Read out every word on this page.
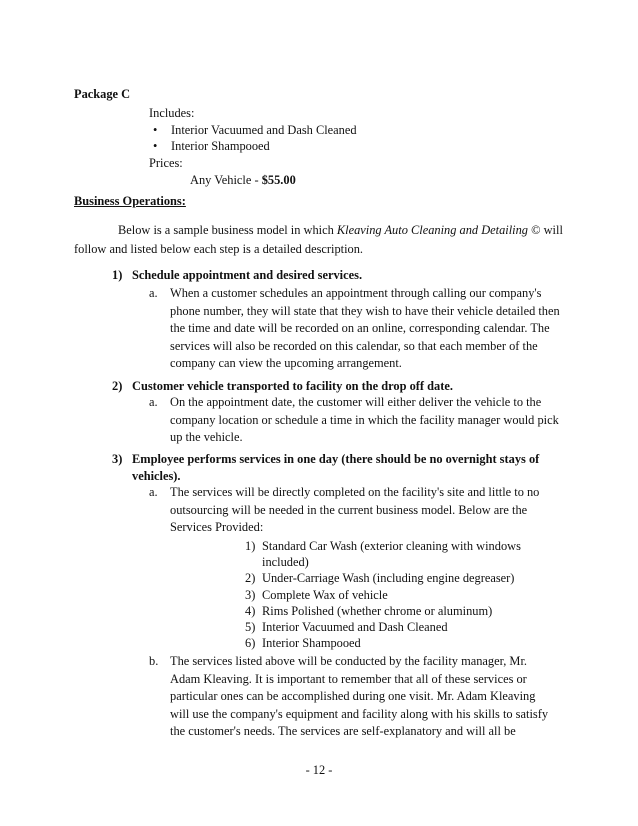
Package C
Includes:
• Interior Vacuumed and Dash Cleaned
• Interior Shampooed
Prices:
Any Vehicle - $55.00
Business Operations:
Below is a sample business model in which Kleaving Auto Cleaning and Detailing © will
follow and listed below each step is a detailed description.
1) Schedule appointment and desired services.
a. When a customer schedules an appointment through calling our company's
phone number, they will state that they wish to have their vehicle detailed then
the time and date will be recorded on an online, corresponding calendar. The
services will also be recorded on this calendar, so that each member of the
company can view the upcoming arrangement.
2) Customer vehicle transported to facility on the drop off date.
a. On the appointment date, the customer will either deliver the vehicle to the
company location or schedule a time in which the facility manager would pick
up the vehicle.
3) Employee performs services in one day (there should be no overnight stays of
vehicles).
a. The services will be directly completed on the facility's site and little to no
outsourcing will be needed in the current business model. Below are the
Services Provided:
1) Standard Car Wash (exterior cleaning with windows
included)
2) Under-Carriage Wash (including engine degreaser)
3) Complete Wax of vehicle
4) Rims Polished (whether chrome or aluminum)
5) Interior Vacuumed and Dash Cleaned
6) Interior Shampooed
b. The services listed above will be conducted by the facility manager, Mr.
Adam Kleaving. It is important to remember that all of these services or
particular ones can be accomplished during one visit. Mr. Adam Kleaving
will use the company's equipment and facility along with his skills to satisfy
the customer's needs. The services are self-explanatory and will all be
- 12 -
